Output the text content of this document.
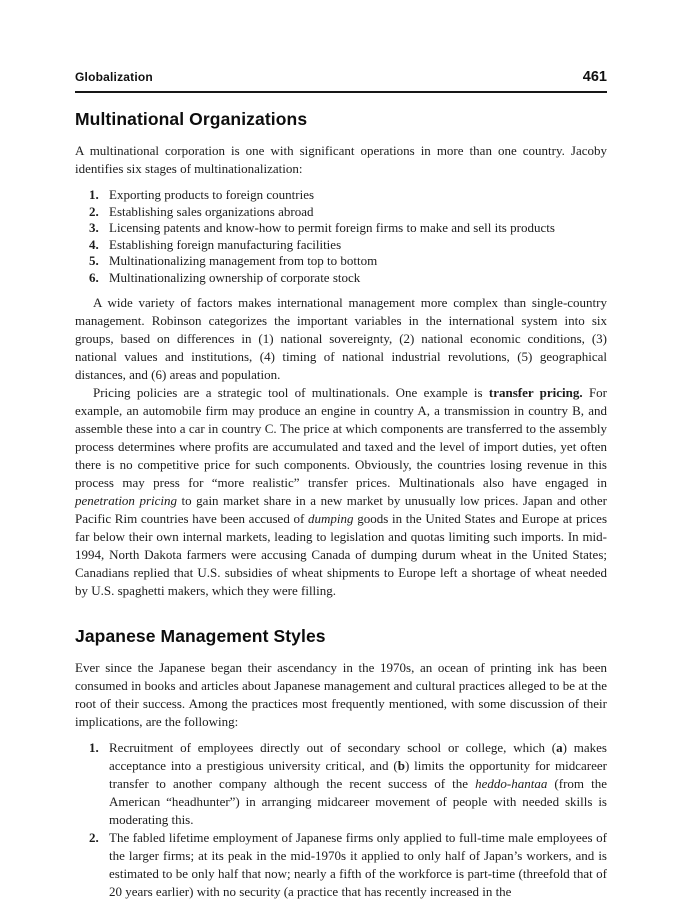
Globalization	461
Multinational Organizations

A multinational corporation is one with significant operations in more than one country. Jacoby identifies six stages of multinationalization:

1. Exporting products to foreign countries
2. Establishing sales organizations abroad
3. Licensing patents and know-how to permit foreign firms to make and sell its products
4. Establishing foreign manufacturing facilities
5. Multinationalizing management from top to bottom
6. Multinationalizing ownership of corporate stock

A wide variety of factors makes international management more complex than single-country management. Robinson categorizes the important variables in the international system into six groups, based on differences in (1) national sovereignty, (2) national economic conditions, (3) national values and institutions, (4) timing of national industrial revolutions, (5) geographical distances, and (6) areas and population.

Pricing policies are a strategic tool of multinationals. One example is transfer pricing. For example, an automobile firm may produce an engine in country A, a transmission in country B, and assemble these into a car in country C. The price at which components are transferred to the assembly process determines where profits are accumulated and taxed and the level of import duties, yet often there is no competitive price for such components. Obviously, the countries losing revenue in this process may press for “more realistic” transfer prices. Multinationals also have engaged in penetration pricing to gain market share in a new market by unusually low prices. Japan and other Pacific Rim countries have been accused of dumping goods in the United States and Europe at prices far below their own internal markets, leading to legislation and quotas limiting such imports. In mid-1994, North Dakota farmers were accusing Canada of dumping durum wheat in the United States; Canadians replied that U.S. subsidies of wheat shipments to Europe left a shortage of wheat needed by U.S. spaghetti makers, which they were filling.

Japanese Management Styles

Ever since the Japanese began their ascendancy in the 1970s, an ocean of printing ink has been consumed in books and articles about Japanese management and cultural practices alleged to be at the root of their success. Among the practices most frequently mentioned, with some discussion of their implications, are the following:

1. Recruitment of employees directly out of secondary school or college, which (a) makes acceptance into a prestigious university critical, and (b) limits the opportunity for midcareer transfer to another company although the recent success of the heddo-hantaa (from the American “headhunter”) in arranging midcareer movement of people with needed skills is moderating this.
2. The fabled lifetime employment of Japanese firms only applied to full-time male employees of the larger firms; at its peak in the mid-1970s it applied to only half of Japan’s workers, and is estimated to be only half that now; nearly a fifth of the workforce is part-time (threefold that of 20 years earlier) with no security (a practice that has recently increased in the
